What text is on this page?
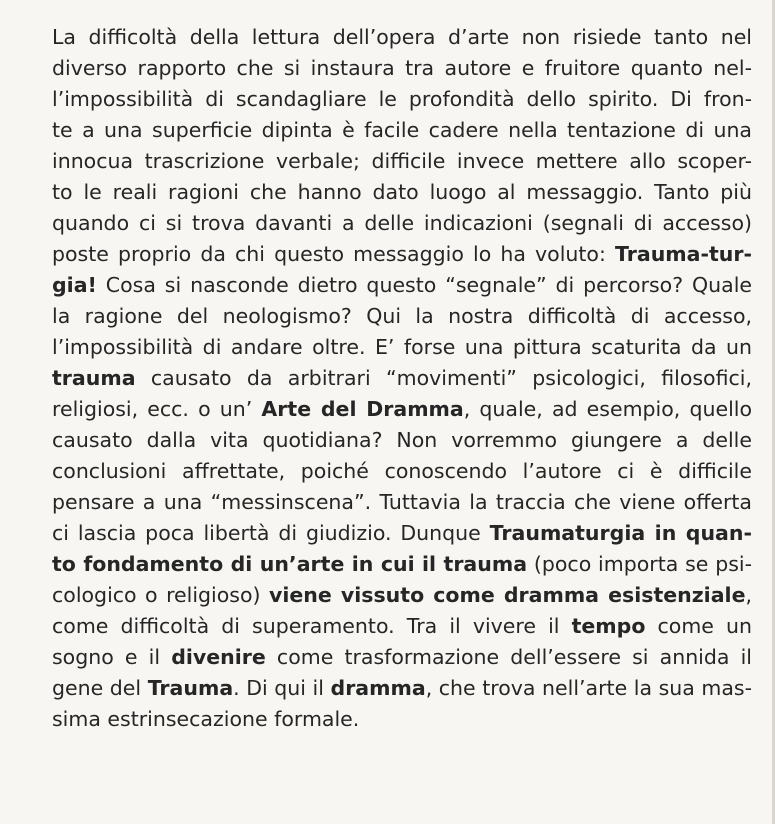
La difficoltà della lettura dell’opera d’arte non risiede tanto nel
diverso rapporto che si instaura tra autore e fruitore quanto nel-
l’impossibilità di scandagliare le profondità dello spirito. Di fron-
te a una superficie dipinta è facile cadere nella tentazione di una
innocua trascrizione verbale; difficile invece mettere allo scoper-
to le reali ragioni che hanno dato luogo al messaggio. Tanto più
quando ci si trova davanti a delle indicazioni (segnali di accesso)
poste proprio da chi questo messaggio lo ha voluto: Trauma-tur-
gia! Cosa si nasconde dietro questo “segnale” di percorso? Quale
la ragione del neologismo? Qui la nostra difficoltà di accesso,
l’impossibilità di andare oltre. E’ forse una pittura scaturita da un
trauma causato da arbitrari “movimenti” psicologici, filosofici,
religiosi, ecc. o un’ Arte del Dramma, quale, ad esempio, quello
causato dalla vita quotidiana? Non vorremmo giungere a delle
conclusioni affrettate, poiché conoscendo l’autore ci è difficile
pensare a una “messinscena”. Tuttavia la traccia che viene offerta
ci lascia poca libertà di giudizio. Dunque Traumaturgia in quan-
to fondamento di un’arte in cui il trauma (poco importa se psi-
cologico o religioso) viene vissuto come dramma esistenziale,
come difficoltà di superamento. Tra il vivere il tempo come un
sogno e il divenire come trasformazione dell’essere si annida il
gene del Trauma. Di qui il dramma, che trova nell’arte la sua mas-
sima estrinsecazione formale.
